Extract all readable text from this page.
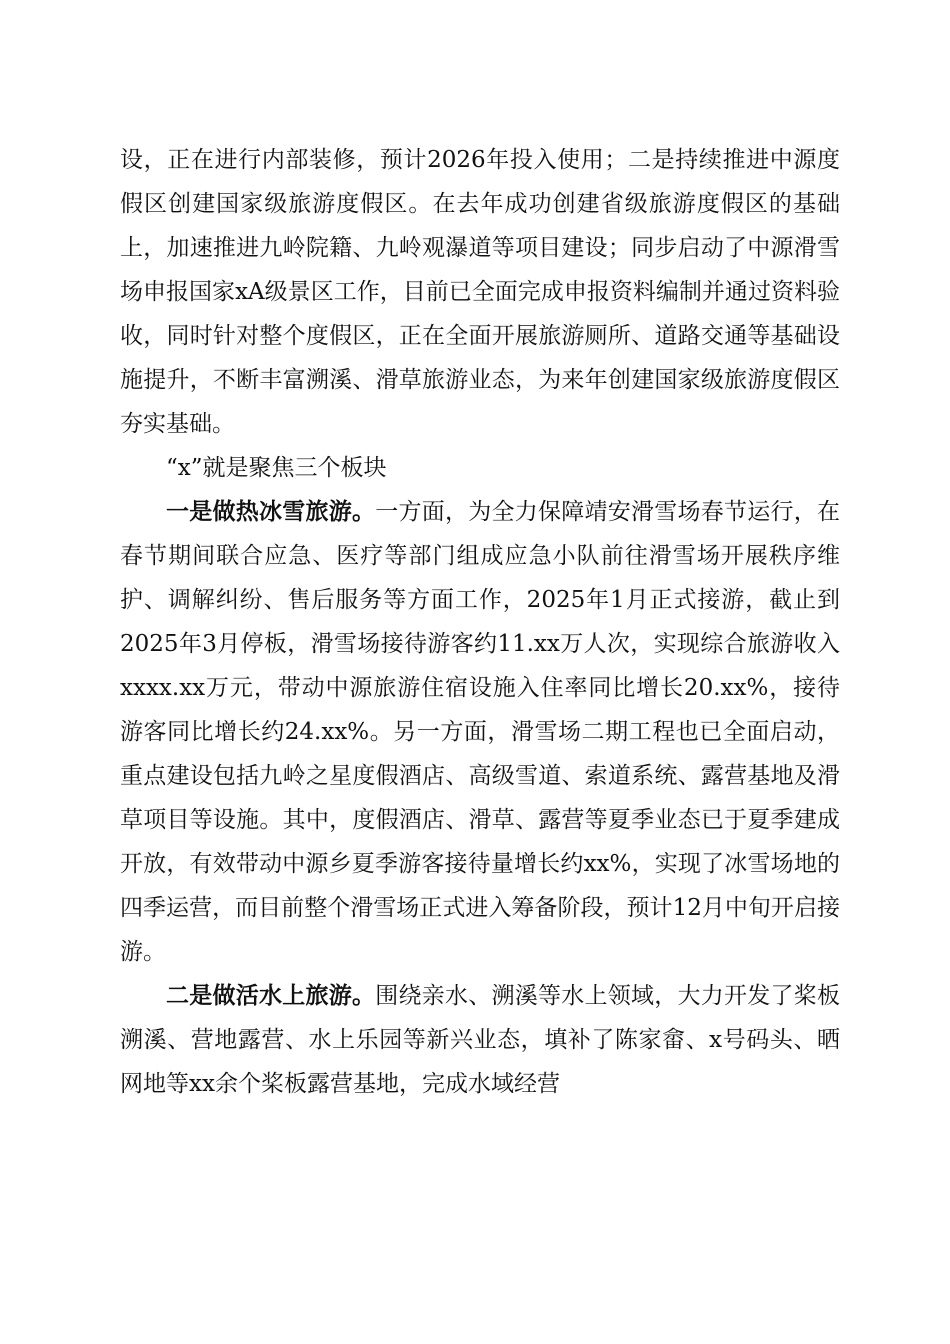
设，正在进行内部装修，预计2026年投入使用；二是持续推进中源度假区创建国家级旅游度假区。在去年成功创建省级旅游度假区的基础上，加速推进九岭院籍、九岭观瀑道等项目建设；同步启动了中源滑雪场申报国家xA级景区工作，目前已全面完成申报资料编制并通过资料验收，同时针对整个度假区，正在全面开展旅游厕所、道路交通等基础设施提升，不断丰富溯溪、滑草旅游业态，为来年创建国家级旅游度假区夯实基础。

“x”就是聚焦三个板块

一是做热冰雪旅游。一方面，为全力保障靖安滑雪场春节运行，在春节期间联合应急、医疗等部门组成应急小队前往滑雪场开展秩序维护、调解纠纷、售后服务等方面工作，2025年1月正式接游，截止到2025年3月停板，滑雪场接待游客约11.xx万人次，实现综合旅游收入xxxx.xx万元，带动中源旅游住宿设施入住率同比增长20.xx%，接待游客同比增长约24.xx%。另一方面，滑雪场二期工程也已全面启动，重点建设包括九岭之星度假酒店、高级雪道、索道系统、露营基地及滑草项目等设施。其中，度假酒店、滑草、露营等夏季业态已于夏季建成开放，有效带动中源乡夏季游客接待量增长约xx%，实现了冰雪场地的四季运营，而目前整个滑雪场正式进入筹备阶段，预计12月中旬开启接游。

二是做活水上旅游。围绕亲水、溯溪等水上领域，大力开发了桨板溯溪、营地露营、水上乐园等新兴业态，填补了陈家畲、x号码头、晒网地等xx余个桨板露营基地，完成水域经营
